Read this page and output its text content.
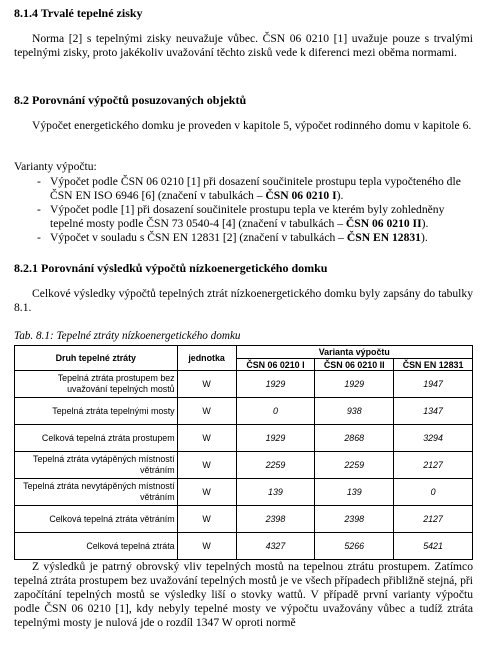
8.1.4 Trvalé tepelné zisky
Norma [2] s tepelnými zisky neuvažuje vůbec. ČSN 06 0210 [1] uvažuje pouze s trvalými tepelnými zisky, proto jakékoliv uvažování těchto zisků vede k diferenci mezi oběma normami.
8.2 Porovnání výpočtů posuzovaných objektů
Výpočet energetického domku je proveden v kapitole 5, výpočet rodinného domu v kapitole 6.
Varianty výpočtu:
- Výpočet podle ČSN 06 0210 [1] při dosazení součinitele prostupu tepla vypočteného dle ČSN EN ISO 6946 [6] (značení v tabulkách – ČSN 06 0210 I).
- Výpočet podle [1] při dosazení součinitele prostupu tepla ve kterém byly zohledněny tepelné mosty podle ČSN 73 0540-4 [4] (značení v tabulkách – ČSN 06 0210 II).
- Výpočet v souladu s ČSN EN 12831 [2] (značení v tabulkách – ČSN EN 12831).
8.2.1 Porovnání výsledků výpočtů nízkoenergetického domku
Celkové výsledky výpočtů tepelných ztrát nízkoenergetického domku byly zapsány do tabulky 8.1.
Tab. 8.1: Tepelné ztráty nízkoenergetického domku
Druh tepelné ztráty	jednotka	Varianta výpočtu		
		ČSN 06 0210 I	ČSN 06 0210 II	ČSN EN 12831
Tepelná ztráta prostupem bez uvažování tepelných mostů	W	1929	1929	1947
Tepelná ztráta tepelnými mosty	W	0	938	1347
Celková tepelná ztráta prostupem	W	1929	2868	3294
Tepelná ztráta vytápěných místností větráním	W	2259	2259	2127
Tepelná ztráta nevytápěných místností větráním	W	139	139	0
Celková tepelná ztráta větráním	W	2398	2398	2127
Celková tepelná ztráta	W	4327	5266	5421
Z výsledků je patrný obrovský vliv tepelných mostů na tepelnou ztrátu prostupem. Zatímco tepelná ztráta prostupem bez uvažování tepelných mostů je ve všech případech přibližně stejná, při započítání tepelných mostů se výsledky liší o stovky wattů. V případě první varianty výpočtu podle ČSN 06 0210 [1], kdy nebyly tepelné mosty ve výpočtu uvažovány vůbec a tudíž ztráta tepelnými mosty je nulová jde o rozdíl 1347 W oproti normě
